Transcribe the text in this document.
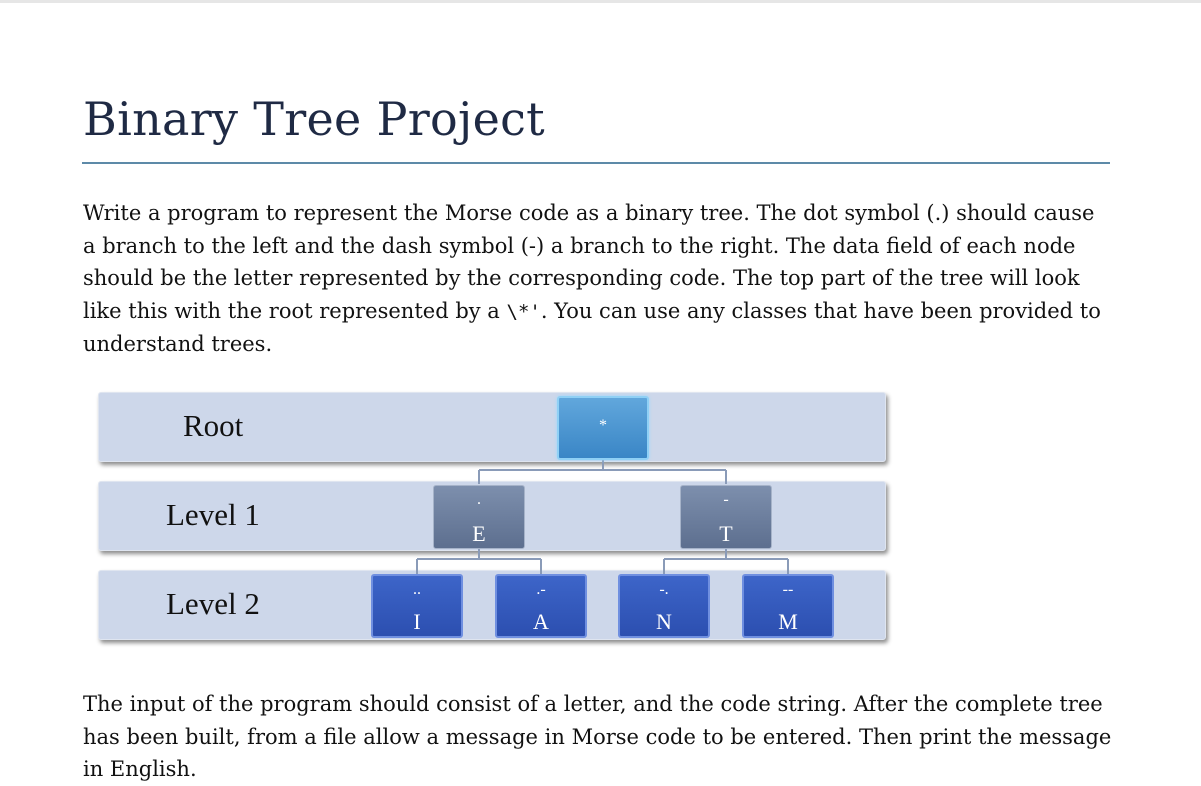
Binary Tree Project
Write a program to represent the Morse code as a binary tree. The dot symbol (.) should cause a branch to the left and the dash symbol (-) a branch to the right. The data field of each node should be the letter represented by the corresponding code. The top part of the tree will look like this with the root represented by a \*'. You can use any classes that have been provided to understand trees.
Root
Level 1
Level 2
*
.
E
-
T
..
I
.-
A
-.
N
--
M
The input of the program should consist of a letter, and the code string. After the complete tree has been built, from a file allow a message in Morse code to be entered. Then print the message in English.
